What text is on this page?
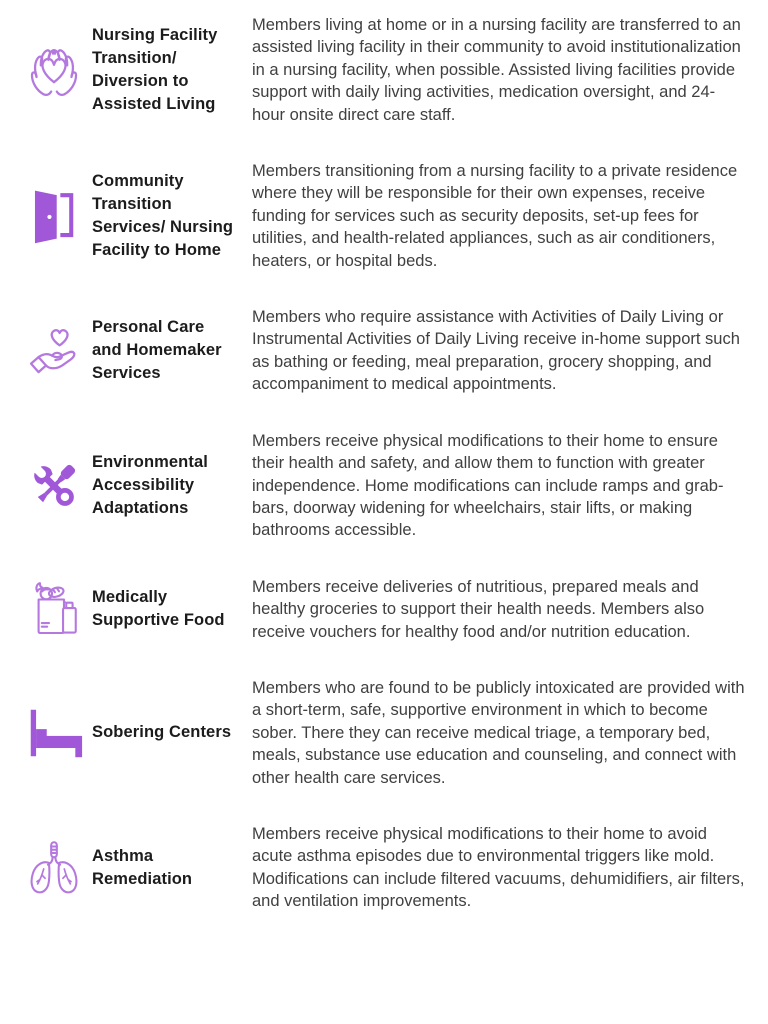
Nursing Facility Transition/ Diversion to Assisted Living

Members living at home or in a nursing facility are transferred to an assisted living facility in their community to avoid institutionalization in a nursing facility, when possible. Assisted living facilities provide support with daily living activities, medication oversight, and 24-hour onsite direct care staff.

Community Transition Services/ Nursing Facility to Home

Members transitioning from a nursing facility to a private residence where they will be responsible for their own expenses, receive funding for services such as security deposits, set-up fees for utilities, and health-related appliances, such as air conditioners, heaters, or hospital beds.

Personal Care and Homemaker Services

Members who require assistance with Activities of Daily Living or Instrumental Activities of Daily Living receive in-home support such as bathing or feeding, meal preparation, grocery shopping, and accompaniment to medical appointments.

Environmental Accessibility Adaptations

Members receive physical modifications to their home to ensure their health and safety, and allow them to function with greater independence. Home modifications can include ramps and grab-bars, doorway widening for wheelchairs, stair lifts, or making bathrooms accessible.

Medically Supportive Food

Members receive deliveries of nutritious, prepared meals and healthy groceries to support their health needs. Members also receive vouchers for healthy food and/or nutrition education.

Sobering Centers

Members who are found to be publicly intoxicated are provided with a short-term, safe, supportive environment in which to become sober. There they can receive medical triage, a temporary bed, meals, substance use education and counseling, and connect with other health care services.

Asthma Remediation

Members receive physical modifications to their home to avoid acute asthma episodes due to environmental triggers like mold. Modifications can include filtered vacuums, dehumidifiers, air filters, and ventilation improvements.
